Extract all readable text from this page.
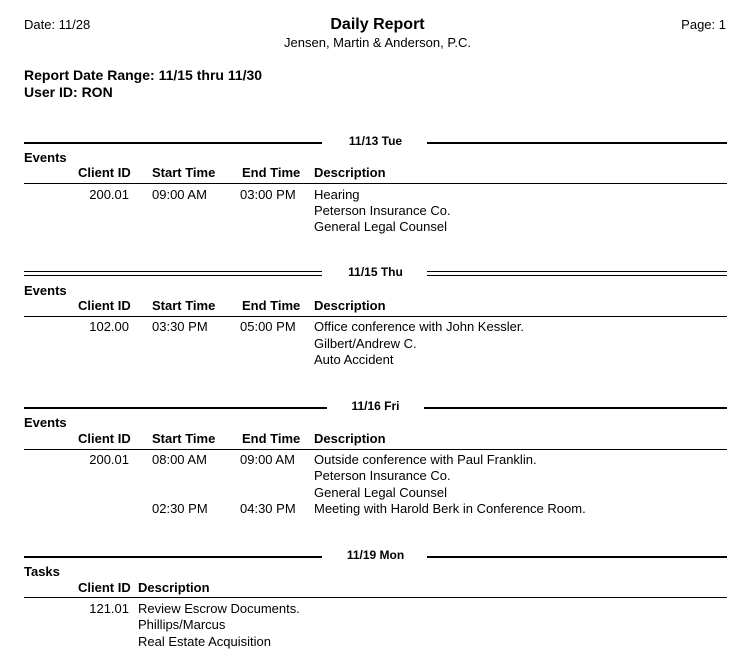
Date: 11/28	Daily Report
Jensen, Martin & Anderson, P.C.
Page: 1
Report Date Range: 11/15 thru 11/30
User ID: RON
11/13 Tue
Events
Client ID Start Time End Time Description
200.01 09:00 AM	03:00 PM Hearing
Peterson Insurance Co.
General Legal Counsel
11/15 Thu
Events
Client ID Start Time End Time Description
102.00 03:30 PM 05:00 PM Office conference with John Kessler.
Gilbert/Andrew C.
Auto Accident
11/16 Fri
Events
Client ID Start Time End Time Description
200.01 08:00 AM	09:00 AM Outside conference with Paul Franklin.
Peterson Insurance Co.
General Legal Counsel
02:30 PM 04:30 PM Meeting with Harold Berk in Conference Room.
11/19 Mon
Tasks
Client ID Description
121.01 Review Escrow Documents.
Phillips/Marcus
Real Estate Acquisition
